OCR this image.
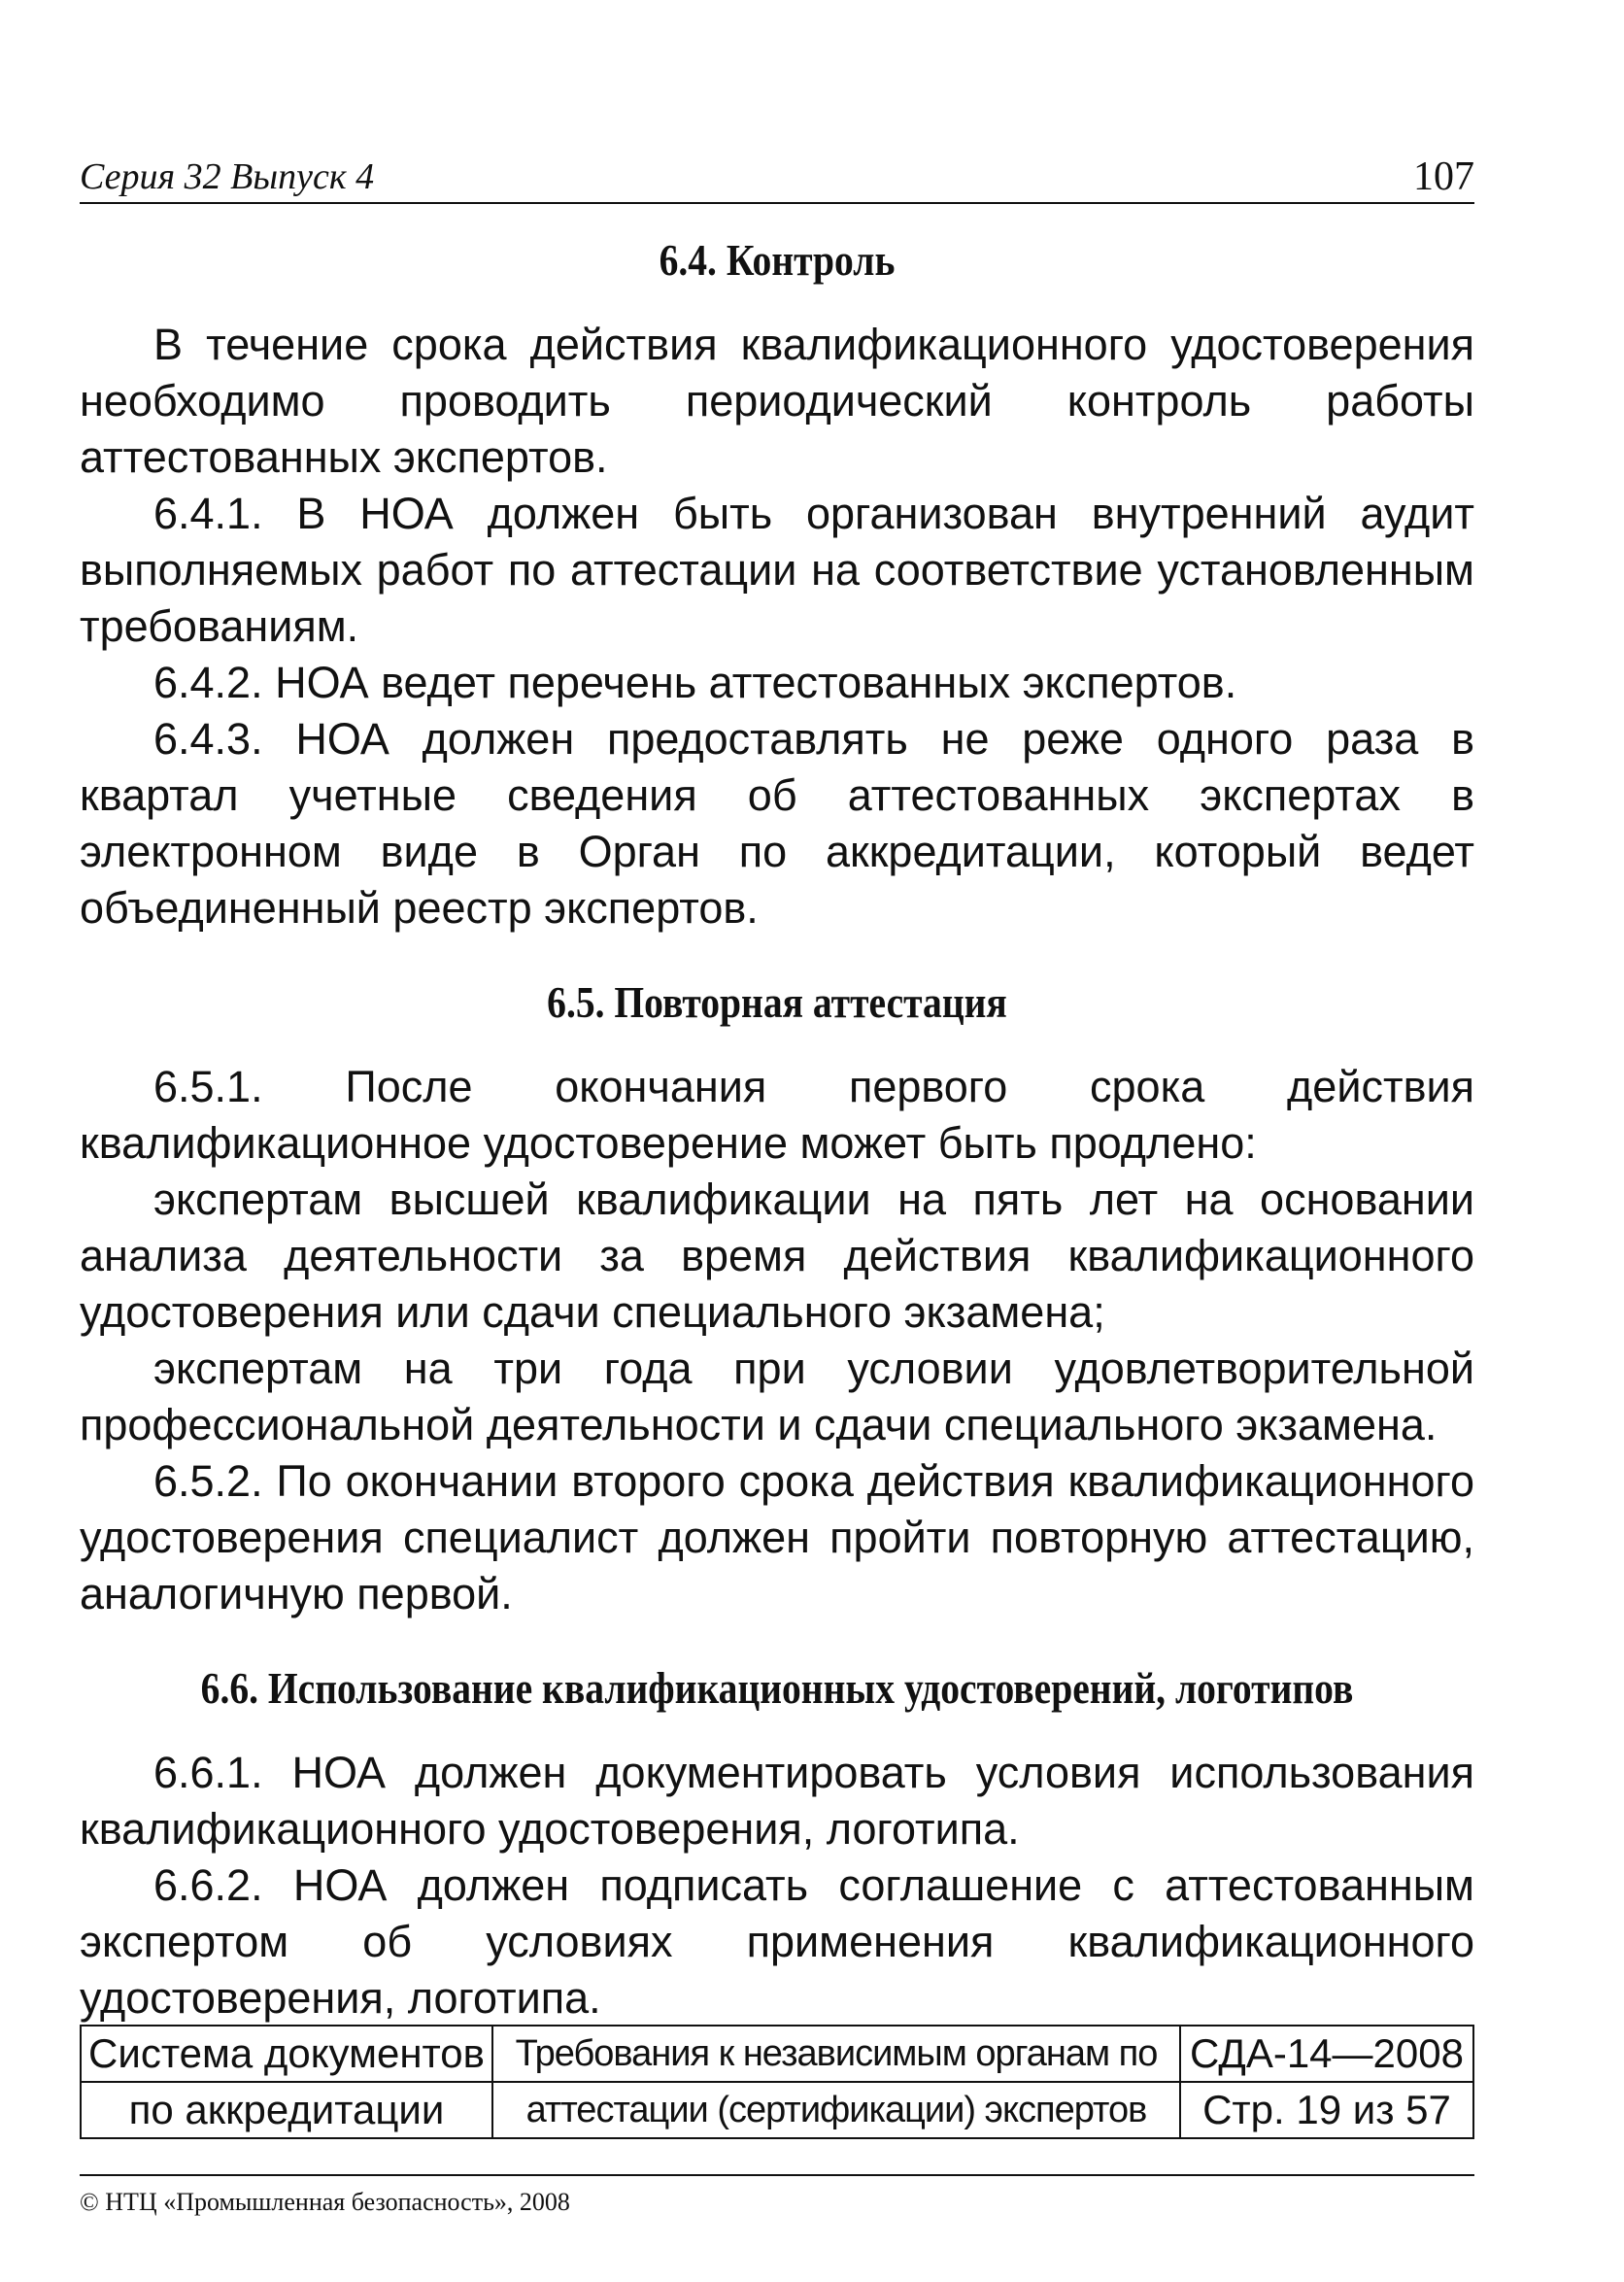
Серия 32 Выпуск 4	107
6.4. Контроль

В течение срока действия квалификационного удостоверения необходимо проводить периодический контроль работы аттестованных экспертов.

6.4.1. В НОА должен быть организован внутренний аудит выполняемых работ по аттестации на соответствие установленным требованиям.

6.4.2. НОА ведет перечень аттестованных экспертов.

6.4.3. НОА должен предоставлять не реже одного раза в квартал учетные сведения об аттестованных экспертах в электронном виде в Орган по аккредитации, который ведет объединенный реестр экспертов.

6.5. Повторная аттестация

6.5.1. После окончания первого срока действия квалификационное удостоверение может быть продлено:

экспертам высшей квалификации на пять лет на основании анализа деятельности за время действия квалификационного удостоверения или сдачи специального экзамена;

экспертам на три года при условии удовлетворительной профессиональной деятельности и сдачи специального экзамена.

6.5.2. По окончании второго срока действия квалификационного удостоверения специалист должен пройти повторную аттестацию, аналогичную первой.

6.6. Использование квалификационных удостоверений, логотипов

6.6.1. НОА должен документировать условия использования квалификационного удостоверения, логотипа.

6.6.2. НОА должен подписать соглашение с аттестованным экспертом об условиях применения квалификационного удостоверения, логотипа.

Система документов	Требования к независимым органам по	СДА-14—2008
по аккредитации	аттестации (сертификации) экспертов	Стр. 19 из 57
© НТЦ «Промышленная безопасность», 2008
